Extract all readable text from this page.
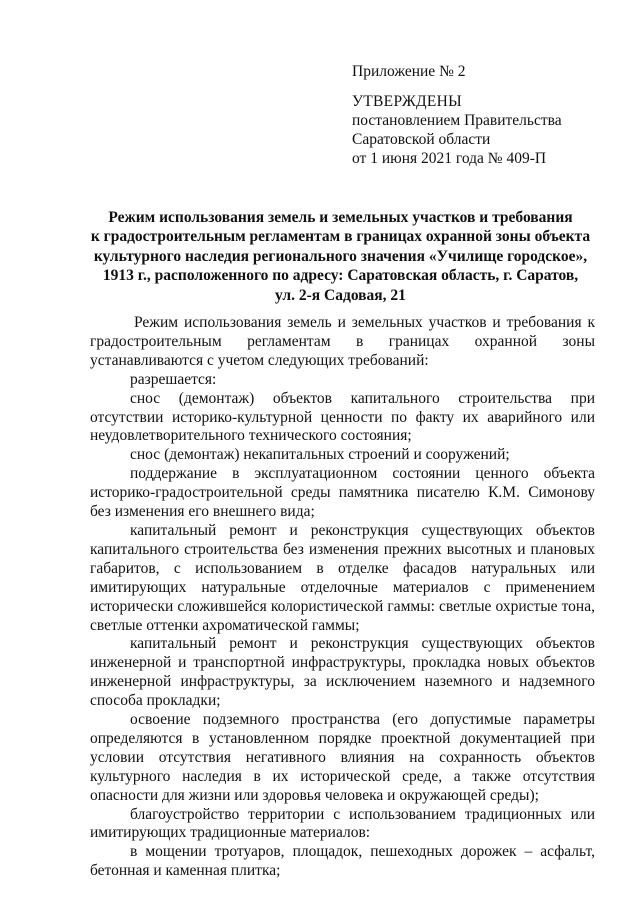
Приложение № 2
УТВЕРЖДЕНЫ
постановлением Правительства
Саратовской области
от 1 июня 2021 года № 409-П
Режим использования земель и земельных участков и требования
к градостроительным регламентам в границах охранной зоны объекта
культурного наследия регионального значения «Училище городское»,
1913 г., расположенного по адресу: Саратовская область, г. Саратов,
ул. 2-я Садовая, 21

Режим использования земель и земельных участков и требования к градостроительным регламентам в границах охранной зоны устанавливаются с учетом следующих требований:

разрешается:

снос (демонтаж) объектов капитального строительства при отсутствии историко-культурной ценности по факту их аварийного или неудовлетворительного технического состояния;

снос (демонтаж) некапитальных строений и сооружений;

поддержание в эксплуатационном состоянии ценного объекта историко-градостроительной среды памятника писателю К.М. Симонову без изменения его внешнего вида;

капитальный ремонт и реконструкция существующих объектов капитального строительства без изменения прежних высотных и плановых габаритов, с использованием в отделке фасадов натуральных или имитирующих натуральные отделочные материалов с применением исторически сложившейся колористической гаммы: светлые охристые тона, светлые оттенки ахроматической гаммы;

капитальный ремонт и реконструкция существующих объектов инженерной и транспортной инфраструктуры, прокладка новых объектов инженерной инфраструктуры, за исключением наземного и надземного способа прокладки;

освоение подземного пространства (его допустимые параметры определяются в установленном порядке проектной документацией при условии отсутствия негативного влияния на сохранность объектов культурного наследия в их исторической среде, а также отсутствия опасности для жизни или здоровья человека и окружающей среды);

благоустройство территории с использованием традиционных или имитирующих традиционные материалов:

в мощении тротуаров, площадок, пешеходных дорожек – асфальт, бетонная и каменная плитка;
